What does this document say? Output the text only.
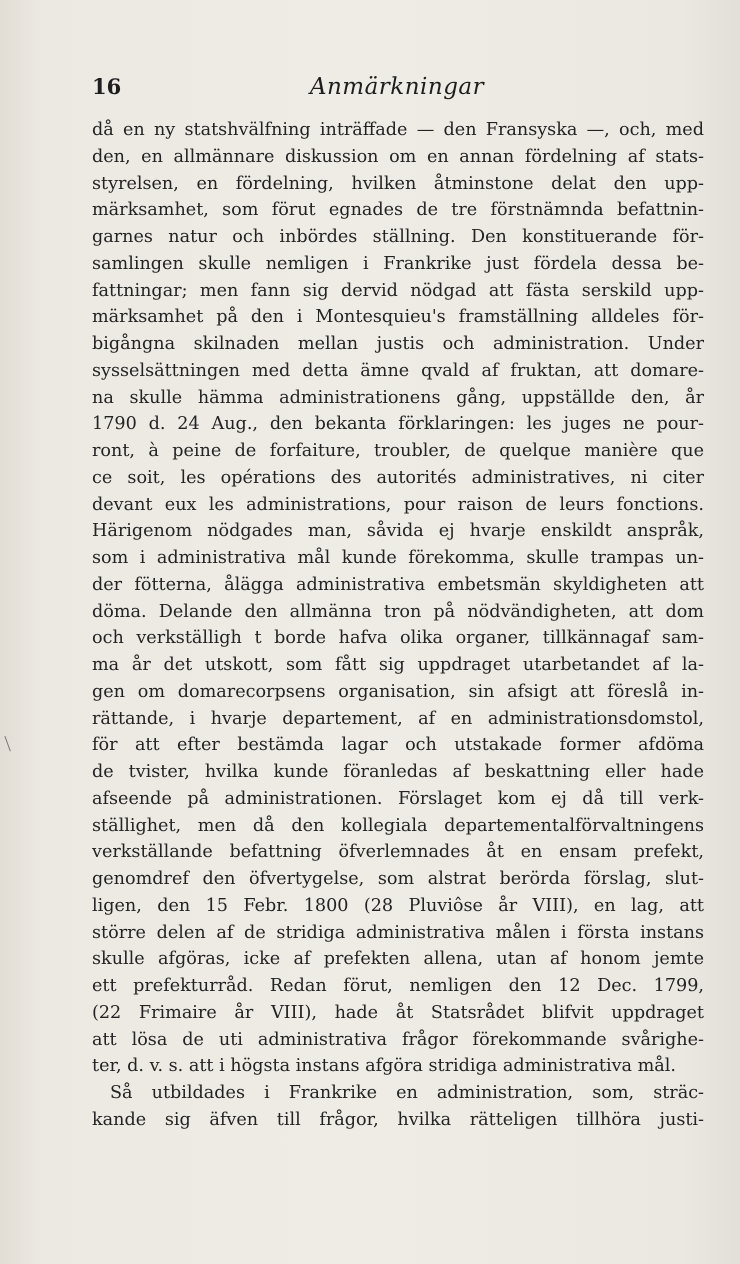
16	Anmärkningar
då en ny statshvälfning inträffade — den Fransyska —, och, med
den, en allmännare diskussion om en annan fördelning af stats-
styrelsen, en fördelning, hvilken åtminstone delat den upp-
märksamhet, som förut egnades de tre förstnämnda befattnin-
garnes natur och inbördes ställning. Den konstituerande för-
samlingen skulle nemligen i Frankrike just fördela dessa be-
fattningar; men fann sig dervid nödgad att fästa serskild upp-
märksamhet på den i Montesquieu's framställning alldeles för-
bigångna skilnaden mellan justis och administration. Under
sysselsättningen med detta ämne qvald af fruktan, att domare-
na skulle hämma administrationens gång, uppställde den, år
1790 d. 24 Aug., den bekanta förklaringen: les juges ne pour-
ront, à peine de forfaiture, troubler, de quelque manière que
ce soit, les opérations des autorités administratives, ni citer
devant eux les administrations, pour raison de leurs fonctions.
Härigenom nödgades man, såvida ej hvarje enskildt anspråk,
som i administrativa mål kunde förekomma, skulle trampas un-
der fötterna, ålägga administrativa embetsmän skyldigheten att
döma. Delande den allmänna tron på nödvändigheten, att dom
och verkställigh t borde hafva olika organer, tillkännagaf sam-
ma år det utskott, som fått sig uppdraget utarbetandet af la-
gen om domarecorpsens organisation, sin afsigt att föreslå in-
rättande, i hvarje departement, af en administrationsdomstol,
för att efter bestämda lagar och utstakade former afdöma
de tvister, hvilka kunde föranledas af beskattning eller hade
afseende på administrationen. Förslaget kom ej då till verk-
ställighet, men då den kollegiala departementalförvaltningens
verkställande befattning öfverlemnades åt en ensam prefekt,
genomdref den öfvertygelse, som alstrat berörda förslag, slut-
ligen, den 15 Febr. 1800 (28 Pluviôse år VIII), en lag, att
större delen af de stridiga administrativa målen i första instans
skulle afgöras, icke af prefekten allena, utan af honom jemte
ett prefekturråd. Redan förut, nemligen den 12 Dec. 1799,
(22 Frimaire år VIII), hade åt Statsrådet blifvit uppdraget
att lösa de uti administrativa frågor förekommande svårighe-
ter, d. v. s. att i högsta instans afgöra stridiga administrativa mål.
Så utbildades i Frankrike en administration, som, sträc-
kande sig äfven till frågor, hvilka rätteligen tillhöra justi-
